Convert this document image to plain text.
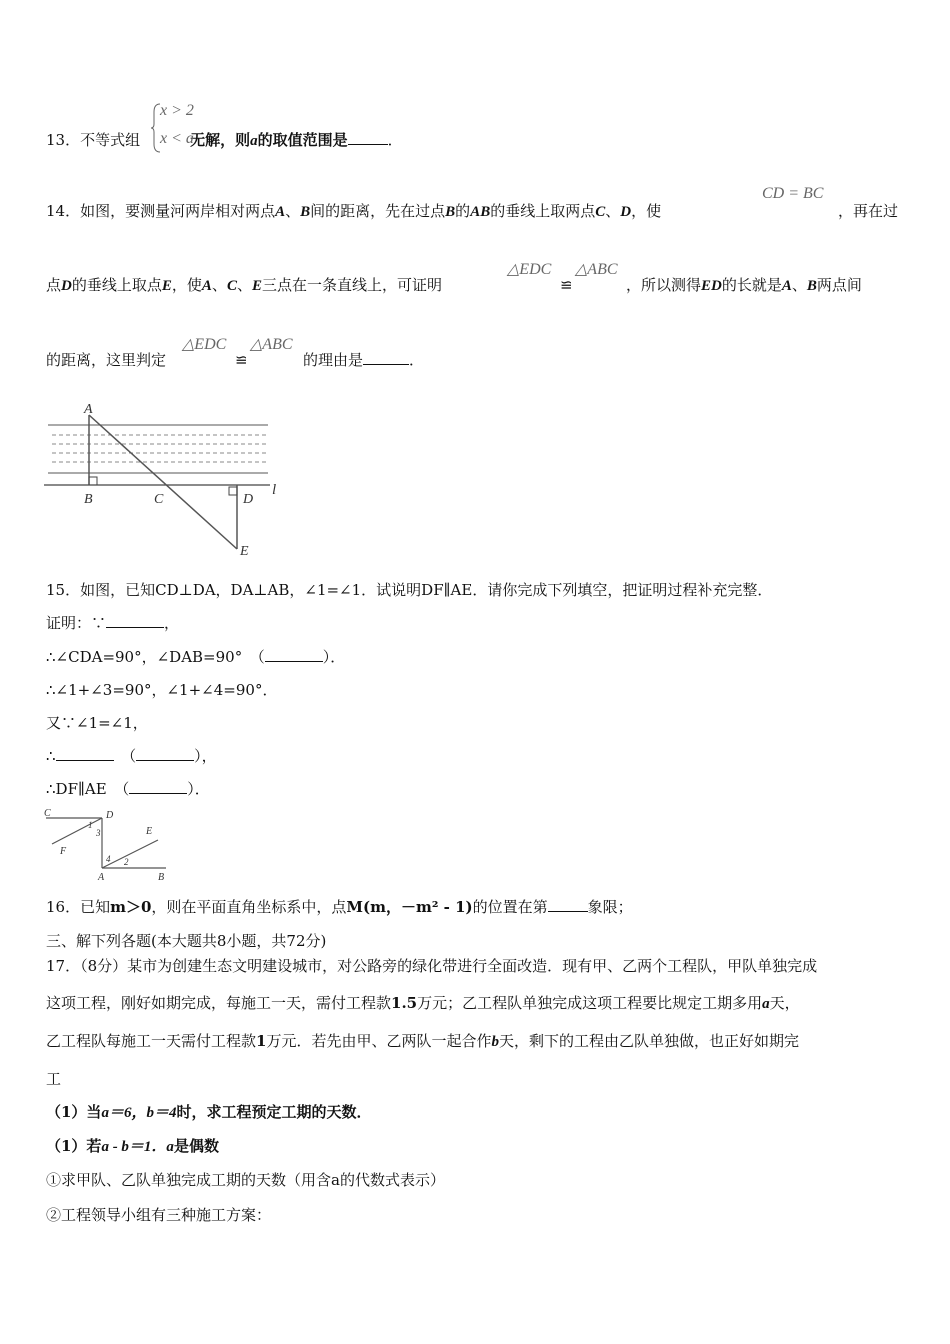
13．不等式组	无解，则a的取值范围是	．
x > 2
x < a
14．如图，要测量河两岸相对两点A、B间的距离，先在过点B的AB的垂线上取两点C、D，使
CD = BC
，再在过
点D的垂线上取点E，使A、C、E三点在一条直线上，可证明
△EDC
≌
△ABC
，所以测得ED的长就是A、B两点间
的距离，这里判定
△EDC
≌
△ABC
的理由是	．
A
B	C	D
E
l
15．如图，已知CD⊥DA，DA⊥AB，∠1=∠1．试说明DF∥AE．请你完成下列填空，把证明过程补充完整．
证明：∵	，
∴∠CDA=90°，∠DAB=90°　（	）．
∴∠1+∠3=90°，∠1+∠4=90°．
又∵∠1=∠1，
∴　	（	），
∴DF∥AE　（	）．
C	D
E
F
A	B
1
3
4 2
16．已知m＞0，则在平面直角坐标系中，点M(m，－m² - 1)的位置在第	象限；
三、解下列各题(本大题共8小题，共72分)
17．（8分）某市为创建生态文明建设城市，对公路旁的绿化带进行全面改造．现有甲、乙两个工程队，甲队单独完成
这项工程，刚好如期完成，每施工一天，需付工程款1.5万元；乙工程队单独完成这项工程要比规定工期多用a天，
乙工程队每施工一天需付工程款1万元．若先由甲、乙两队一起合作b天，剩下的工程由乙队单独做，也正好如期完
工
（1）当a＝6，b＝4时，求工程预定工期的天数．
（1）若a - b＝1．a是偶数
①求甲队、乙队单独完成工期的天数（用含a的代数式表示）
②工程领导小组有三种施工方案：
